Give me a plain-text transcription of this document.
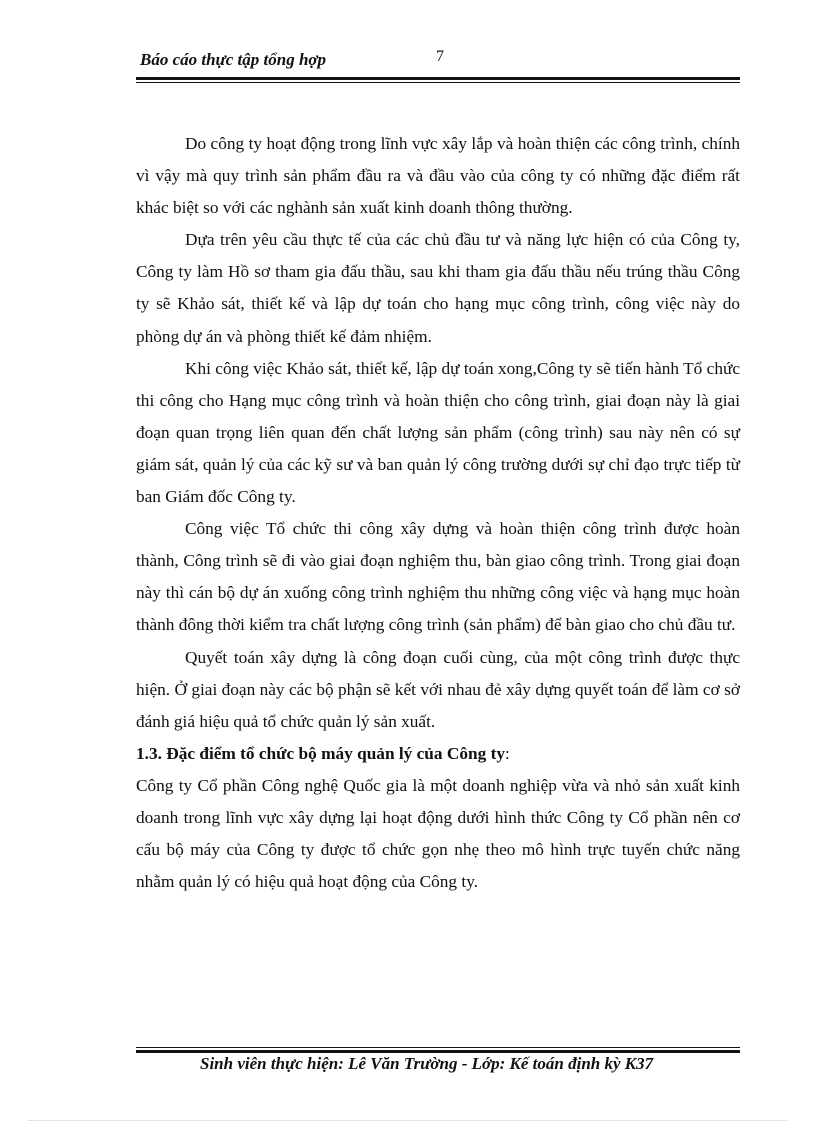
Báo cáo thực tập tổng hợp	7

Do công ty hoạt động trong lĩnh vực xây lắp và hoàn thiện các công trình, chính vì vậy mà quy trình sản phẩm đầu ra và đầu vào của công ty có những đặc điểm rất khác biệt so với các nghành sản xuất kinh doanh thông thường.

Dựa trên yêu cầu thực tế của các chủ đầu tư và năng lực hiện có của Công ty, Công ty làm Hồ sơ tham gia đấu thầu, sau khi tham gia đấu thầu nếu trúng thầu Công ty sẽ Khảo sát, thiết kế và lập dự toán cho hạng mục công trình, công việc này do phòng dự án và phòng thiết kế đảm nhiệm.

Khi công việc Khảo sát, thiết kế, lập dự toán xong,Công ty sẽ tiến hành Tổ chức thi công cho Hạng mục công trình và hoàn thiện cho công trình, giai đoạn này là giai đoạn quan trọng liên quan đến chất lượng sản phẩm (công trình) sau này nên có sự giám sát, quản lý của các kỹ sư và ban quản lý công trường dưới sự chỉ đạo trực tiếp từ ban Giám đốc Công ty.

Công việc Tổ chức thi công xây dựng và hoàn thiện công trình được hoàn thành, Công trình sẽ đi vào giai đoạn nghiệm thu, bàn giao công trình. Trong giai đoạn này thì cán bộ dự án xuống công trình nghiệm thu những công việc và hạng mục hoàn thành đông thời kiểm tra chất lượng công trình (sản phẩm) để bàn giao cho chủ đầu tư.

Quyết toán xây dựng là công đoạn cuối cùng, của một công trình được thực hiện. Ở giai đoạn này các bộ phận sẽ kết với nhau đẻ xây dựng quyết toán để làm cơ sở đánh giá hiệu quả tổ chức quản lý sản xuất.

1.3. Đặc điểm tổ chức bộ máy quản lý của Công ty:

Công ty Cổ phần Công nghệ Quốc gia là một doanh nghiệp vừa và nhỏ sản xuất kinh doanh trong lĩnh vực xây dựng lại hoạt động dưới hình thức Công ty Cổ phần nên cơ cấu bộ máy của Công ty được tổ chức gọn nhẹ theo mô hình trực tuyến chức năng nhằm quản lý có hiệu quả hoạt động của Công ty.

Sinh viên thực hiện: Lê Văn Trường - Lớp: Kế toán định kỳ K37
